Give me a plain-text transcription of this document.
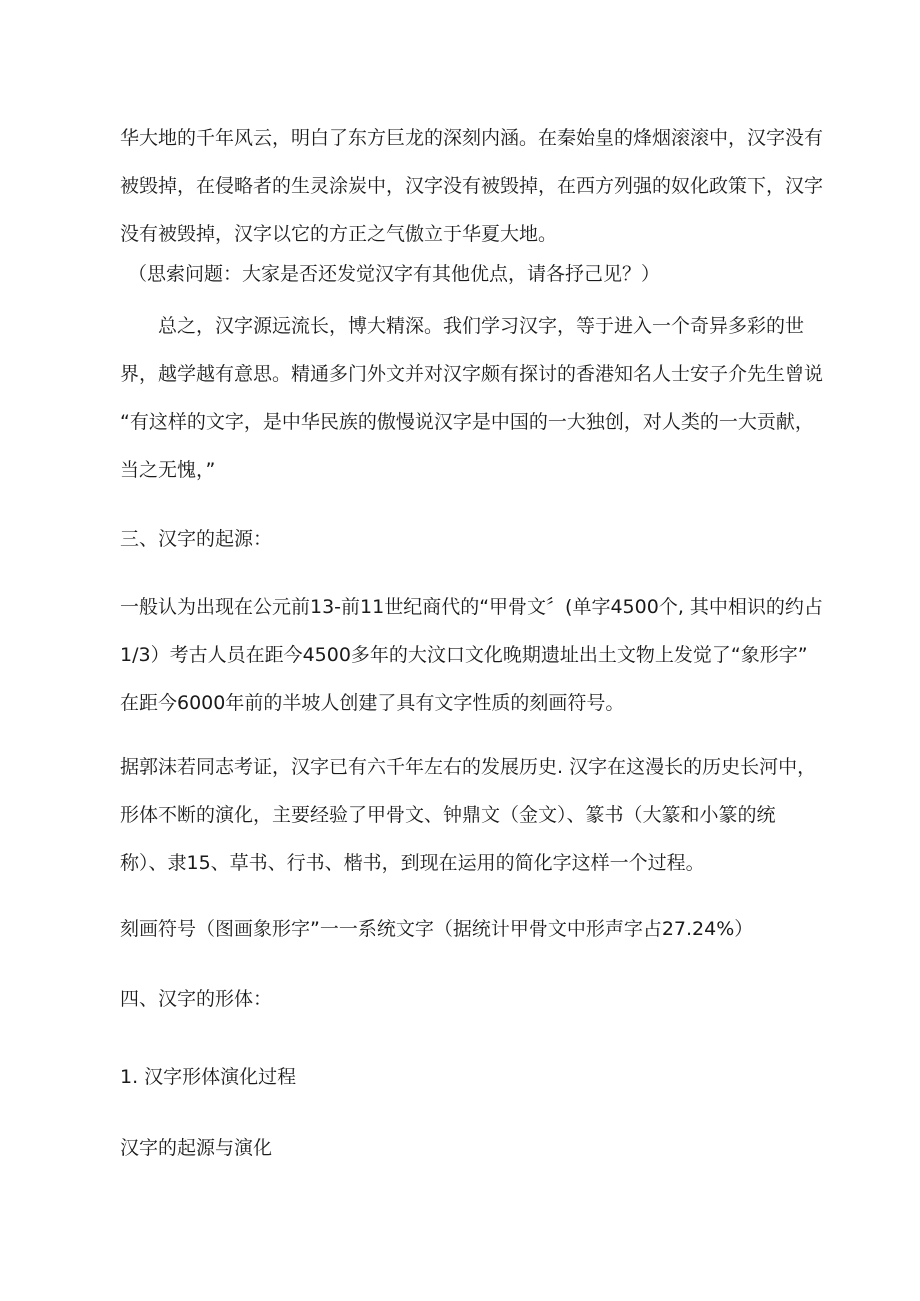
华大地的千年风云，明白了东方巨龙的深刻内涵。在秦始皇的烽烟滚滚中，汉字没有
被毁掉，在侵略者的生灵涂炭中，汉字没有被毁掉，在西方列强的奴化政策下，汉字
没有被毁掉，汉字以它的方正之气傲立于华夏大地。
（思索问题：大家是否还发觉汉字有其他优点，请各抒己见？）
总之，汉字源远流长，博大精深。我们学习汉字，等于进入一个奇异多彩的世
界，越学越有意思。精通多门外文并对汉字颇有探讨的香港知名人士安子介先生曾说
“有这样的文字，是中华民族的傲慢说汉字是中国的一大独创，对人类的一大贡献，
当之无愧，”
三、汉字的起源：
一般认为出现在公元前13-前11世纪商代的“甲骨文〞(单字4500个, 其中相识的约占
1/3）考古人员在距今4500多年的大汶口文化晚期遗址出土文物上发觉了“象形字”
在距今6000年前的半坡人创建了具有文字性质的刻画符号。
据郭沫若同志考证，汉字已有六千年左右的发展历史. 汉字在这漫长的历史长河中，
形体不断的演化，主要经验了甲骨文、钟鼎文（金文）、篆书（大篆和小篆的统
称）、隶15、草书、行书、楷书，到现在运用的简化字这样一个过程。
刻画符号（图画象形字”一一系统文字（据统计甲骨文中形声字占27.24%）
四、汉字的形体：
1. 汉字形体演化过程
汉字的起源与演化
